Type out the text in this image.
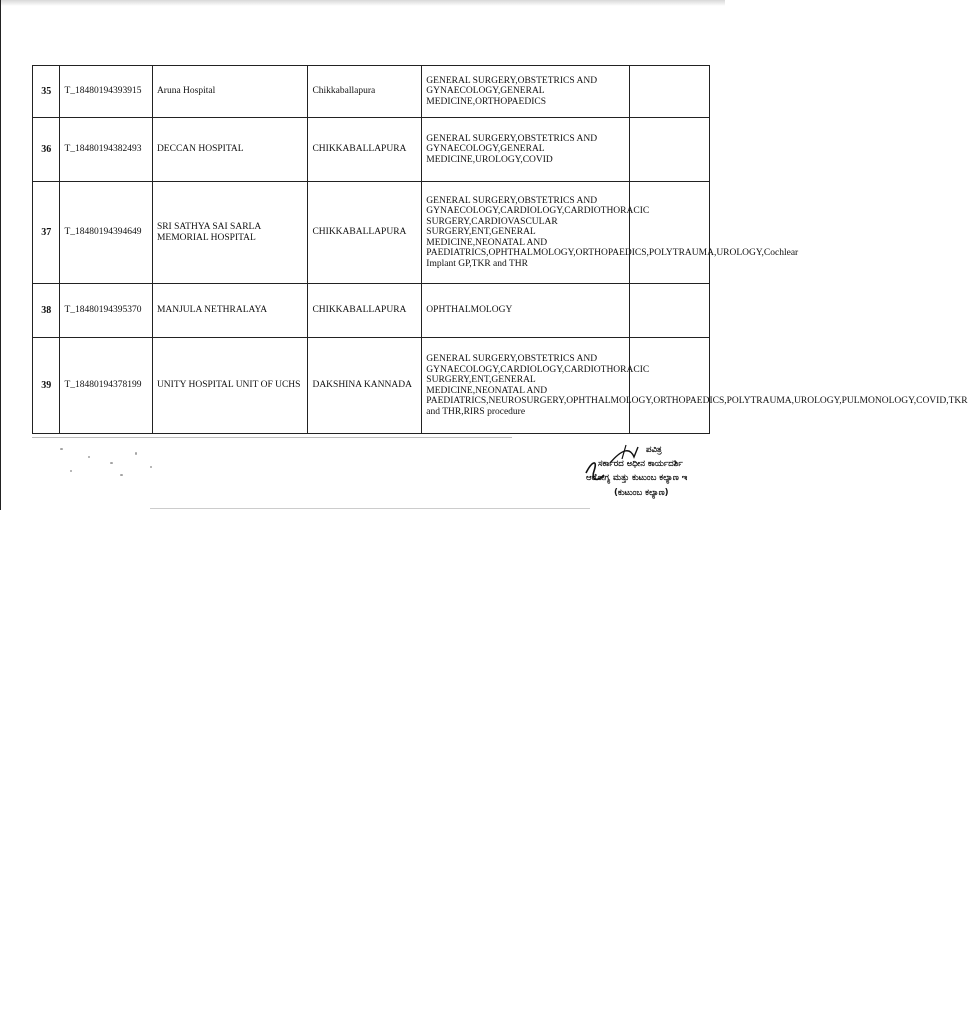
35	T_18480194393915	Aruna Hospital	Chikkaballapura	GENERAL SURGERY,OBSTETRICS AND GYNAECOLOGY,GENERAL MEDICINE,ORTHOPAEDICS	
36	T_18480194382493	DECCAN HOSPITAL	CHIKKABALLAPURA	GENERAL SURGERY,OBSTETRICS AND GYNAECOLOGY,GENERAL MEDICINE,UROLOGY,COVID	
37	T_18480194394649	SRI SATHYA SAI SARLA MEMORIAL HOSPITAL	CHIKKABALLAPURA	GENERAL SURGERY,OBSTETRICS AND GYNAECOLOGY,CARDIOLOGY,CARDIOTHORACIC SURGERY,CARDIOVASCULAR SURGERY,ENT,GENERAL MEDICINE,NEONATAL AND PAEDIATRICS,OPHTHALMOLOGY,ORTHOPAEDICS,POLYTRAUMA,UROLOGY,Cochlear Implant GP,TKR and THR	
38	T_18480194395370	MANJULA NETHRALAYA	CHIKKABALLAPURA	OPHTHALMOLOGY	
39	T_18480194378199	UNITY HOSPITAL UNIT OF UCHS	DAKSHINA KANNADA	GENERAL SURGERY,OBSTETRICS AND GYNAECOLOGY,CARDIOLOGY,CARDIOTHORACIC SURGERY,ENT,GENERAL MEDICINE,NEONATAL AND PAEDIATRICS,NEUROSURGERY,OPHTHALMOLOGY,ORTHOPAEDICS,POLYTRAUMA,UROLOGY,PULMONOLOGY,COVID,TKR and THR,RIRS procedure	
ಪವಿತ್ರ
ಸರ್ಕಾರದ ಅಧೀನ ಕಾರ್ಯದರ್ಶಿ
ಆರೋಗ್ಯ ಮತ್ತು ಕುಟುಂಬ ಕಲ್ಯಾಣ ಇ
(ಕುಟುಂಬ ಕಲ್ಯಾಣ)
